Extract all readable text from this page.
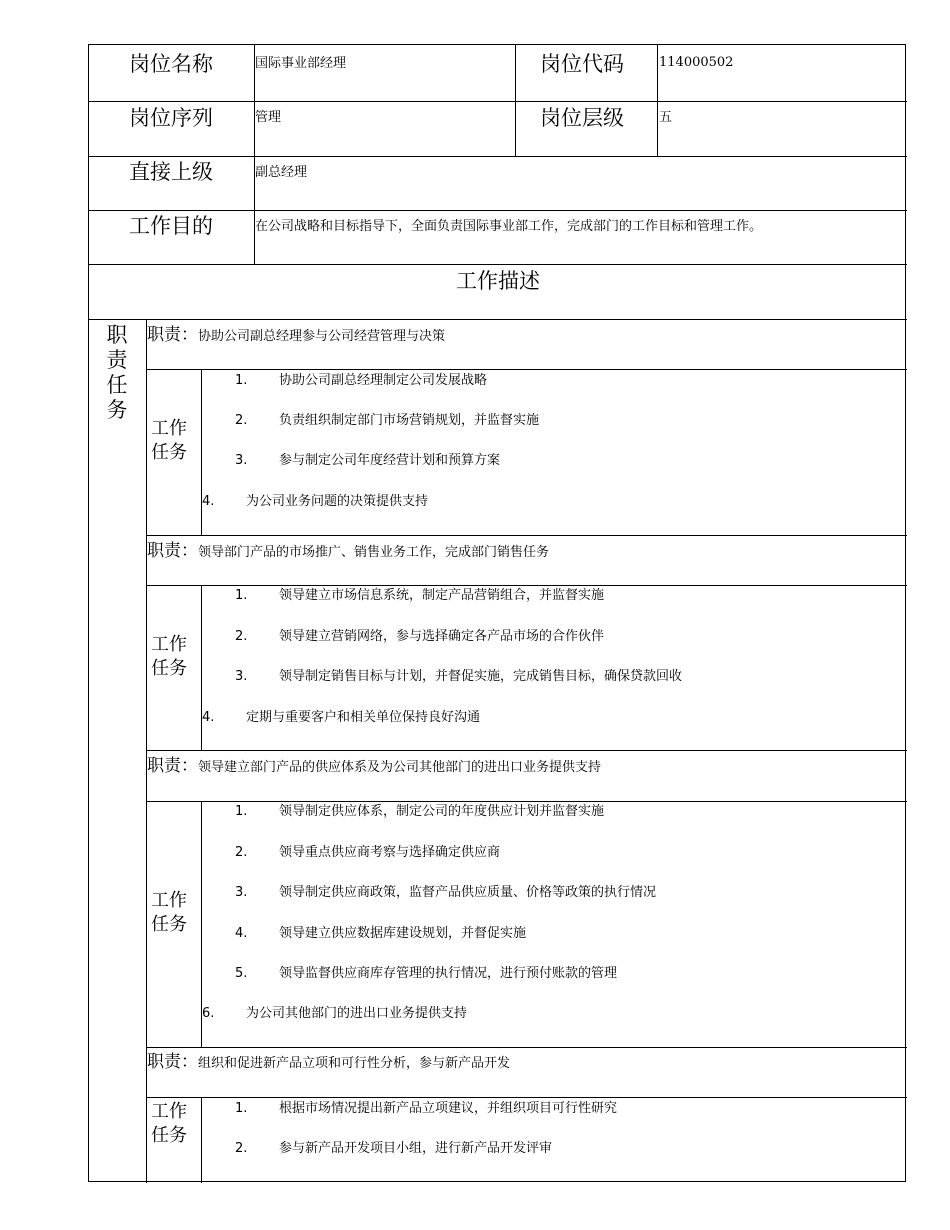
岗位名称	国际事业部经理	岗位代码	114000502
岗位序列	管理	岗位层级	五
直接上级	副总经理
工作目的	在公司战略和目标指导下，全面负责国际事业部工作，完成部门的工作目标和管理工作。
工作描述
职
责
任
务
职责：协助公司副总经理参与公司经营管理与决策
工作任务
1. 协助公司副总经理制定公司发展战略
2. 负责组织制定部门市场营销规划，并监督实施
3. 参与制定公司年度经营计划和预算方案
4. 为公司业务问题的决策提供支持
职责：领导部门产品的市场推广、销售业务工作，完成部门销售任务
工作任务
1. 领导建立市场信息系统，制定产品营销组合，并监督实施
2. 领导建立营销网络，参与选择确定各产品市场的合作伙伴
3. 领导制定销售目标与计划，并督促实施，完成销售目标，确保贷款回收
4. 定期与重要客户和相关单位保持良好沟通
职责：领导建立部门产品的供应体系及为公司其他部门的进出口业务提供支持
工作任务
1. 领导制定供应体系，制定公司的年度供应计划并监督实施
2. 领导重点供应商考察与选择确定供应商
3. 领导制定供应商政策，监督产品供应质量、价格等政策的执行情况
4. 领导建立供应数据库建设规划，并督促实施
5. 领导监督供应商库存管理的执行情况，进行预付账款的管理
6. 为公司其他部门的进出口业务提供支持
职责：组织和促进新产品立项和可行性分析，参与新产品开发
工作任务
1. 根据市场情况提出新产品立项建议，并组织项目可行性研究
2. 参与新产品开发项目小组，进行新产品开发评审
